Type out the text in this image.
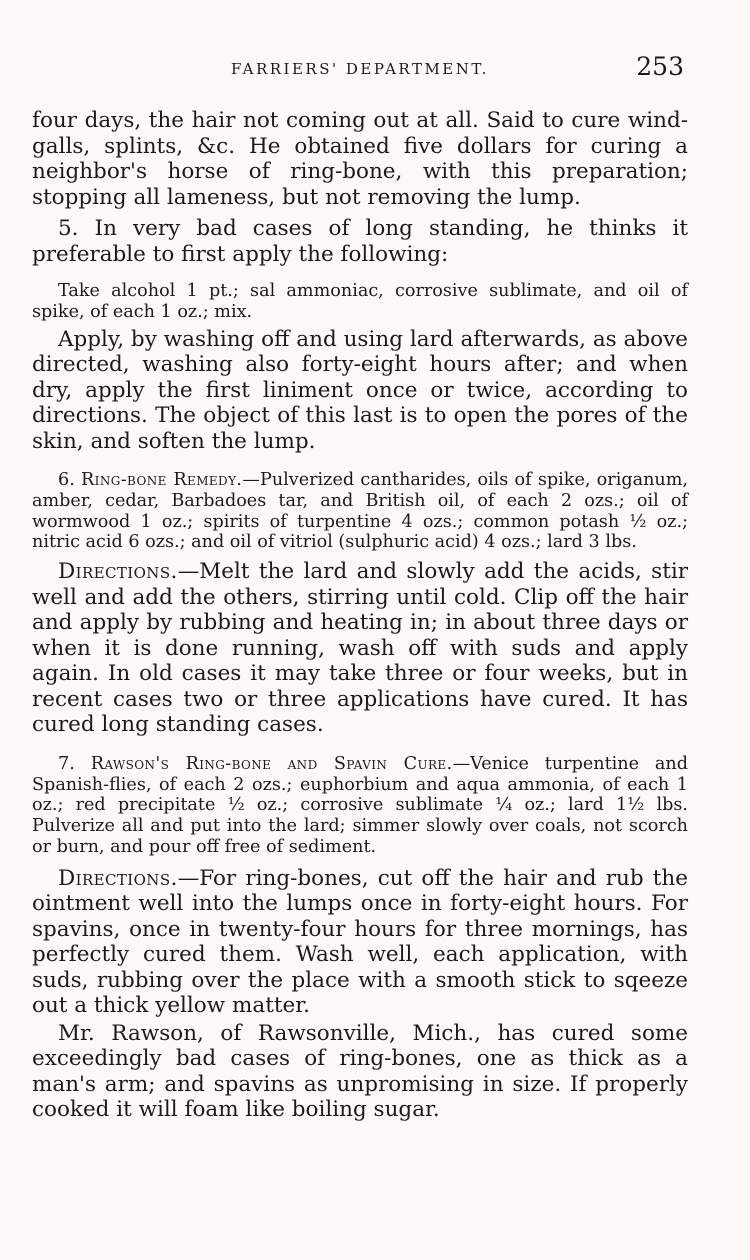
FARRIERS' DEPARTMENT.	253

four days, the hair not coming out at all. Said to cure wind-galls, splints, &c. He obtained five dollars for curing a neighbor's horse of ring-bone, with this preparation; stopping all lameness, but not removing the lump.

5. In very bad cases of long standing, he thinks it preferable to first apply the following:

Take alcohol 1 pt.; sal ammoniac, corrosive sublimate, and oil of spike, of each 1 oz.; mix.

Apply, by washing off and using lard afterwards, as above directed, washing also forty-eight hours after; and when dry, apply the first liniment once or twice, according to directions. The object of this last is to open the pores of the skin, and soften the lump.

6. Ring-bone Remedy.—Pulverized cantharides, oils of spike, origanum, amber, cedar, Barbadoes tar, and British oil, of each 2 ozs.; oil of wormwood 1 oz.; spirits of turpentine 4 ozs.; common potash ½ oz.; nitric acid 6 ozs.; and oil of vitriol (sulphuric acid) 4 ozs.; lard 3 lbs.

Directions.—Melt the lard and slowly add the acids, stir well and add the others, stirring until cold. Clip off the hair and apply by rubbing and heating in; in about three days or when it is done running, wash off with suds and apply again. In old cases it may take three or four weeks, but in recent cases two or three applications have cured. It has cured long standing cases.

7. Rawson's Ring-bone and Spavin Cure.—Venice turpentine and Spanish-flies, of each 2 ozs.; euphorbium and aqua ammonia, of each 1 oz.; red precipitate ½ oz.; corrosive sublimate ¼ oz.; lard 1½ lbs. Pulverize all and put into the lard; simmer slowly over coals, not scorch or burn, and pour off free of sediment.

Directions.—For ring-bones, cut off the hair and rub the ointment well into the lumps once in forty-eight hours. For spavins, once in twenty-four hours for three mornings, has perfectly cured them. Wash well, each application, with suds, rubbing over the place with a smooth stick to sqeeze out a thick yellow matter.

Mr. Rawson, of Rawsonville, Mich., has cured some exceedingly bad cases of ring-bones, one as thick as a man's arm; and spavins as unpromising in size. If properly cooked it will foam like boiling sugar.
